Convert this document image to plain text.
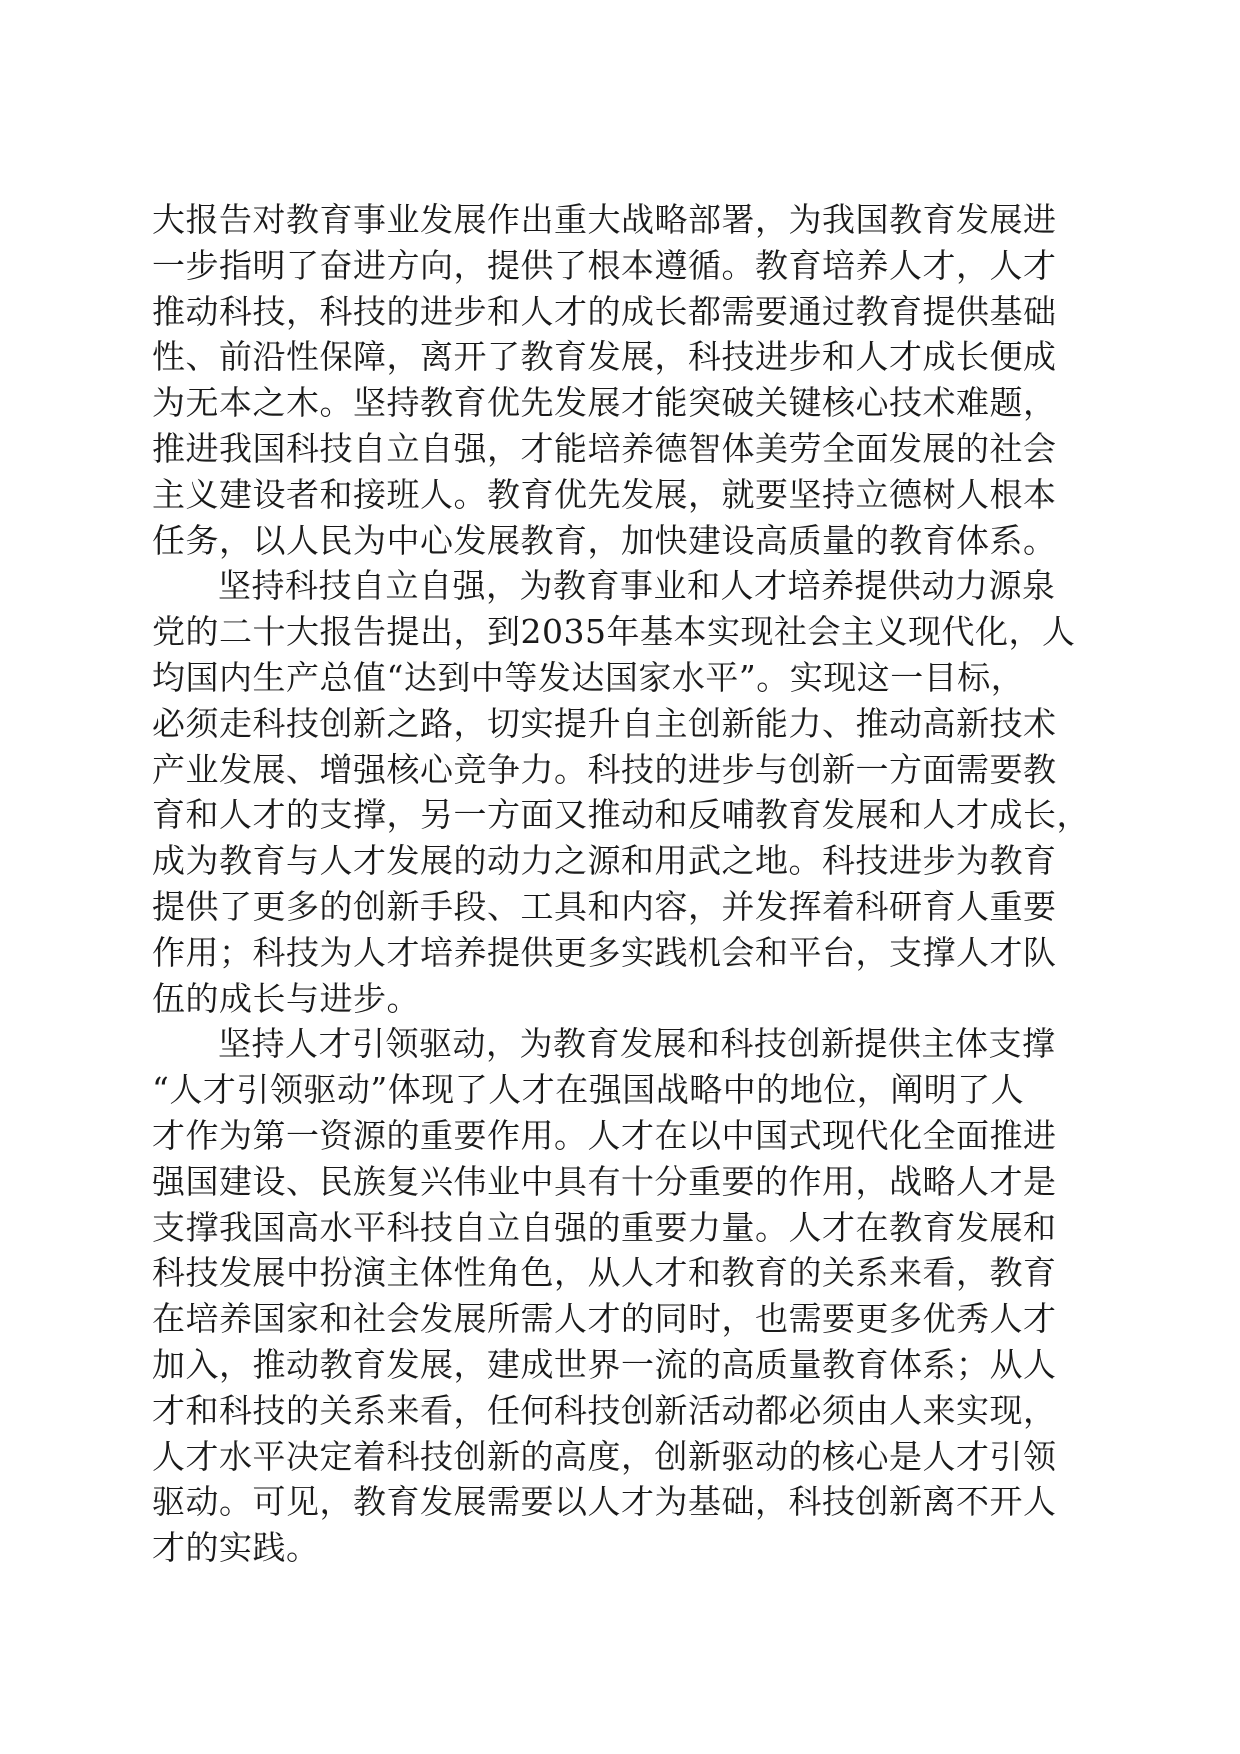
大报告对教育事业发展作出重大战略部署，为我国教育发展进
一步指明了奋进方向，提供了根本遵循。教育培养人才，人才
推动科技，科技的进步和人才的成长都需要通过教育提供基础
性、前沿性保障，离开了教育发展，科技进步和人才成长便成
为无本之木。坚持教育优先发展才能突破关键核心技术难题，
推进我国科技自立自强，才能培养德智体美劳全面发展的社会
主义建设者和接班人。教育优先发展，就要坚持立德树人根本
任务，以人民为中心发展教育，加快建设高质量的教育体系。
坚持科技自立自强，为教育事业和人才培养提供动力源泉
党的二十大报告提出，到2035年基本实现社会主义现代化，人
均国内生产总值“达到中等发达国家水平”。实现这一目标，
必须走科技创新之路，切实提升自主创新能力、推动高新技术
产业发展、增强核心竞争力。科技的进步与创新一方面需要教
育和人才的支撑，另一方面又推动和反哺教育发展和人才成长，
成为教育与人才发展的动力之源和用武之地。科技进步为教育
提供了更多的创新手段、工具和内容，并发挥着科研育人重要
作用；科技为人才培养提供更多实践机会和平台，支撑人才队
伍的成长与进步。
坚持人才引领驱动，为教育发展和科技创新提供主体支撑
“人才引领驱动”体现了人才在强国战略中的地位，阐明了人
才作为第一资源的重要作用。人才在以中国式现代化全面推进
强国建设、民族复兴伟业中具有十分重要的作用，战略人才是
支撑我国高水平科技自立自强的重要力量。人才在教育发展和
科技发展中扮演主体性角色，从人才和教育的关系来看，教育
在培养国家和社会发展所需人才的同时，也需要更多优秀人才
加入，推动教育发展，建成世界一流的高质量教育体系；从人
才和科技的关系来看，任何科技创新活动都必须由人来实现，
人才水平决定着科技创新的高度，创新驱动的核心是人才引领
驱动。可见，教育发展需要以人才为基础，科技创新离不开人
才的实践。
